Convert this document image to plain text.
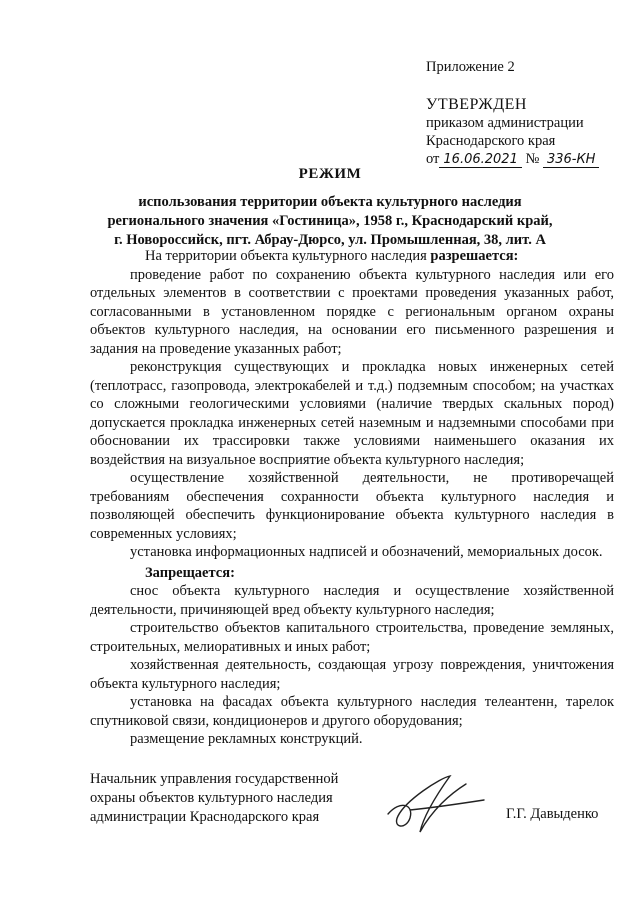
Приложение 2
УТВЕРЖДЕН
приказом администрации
Краснодарского края
от 16.06.2021 № 336-КН
РЕЖИМ
использования территории объекта культурного наследия
регионального значения «Гостиница», 1958 г., Краснодарский край,
г. Новороссийск, пгт. Абрау-Дюрсо, ул. Промышленная, 38, лит. А

На территории объекта культурного наследия разрешается:

проведение работ по сохранению объекта культурного наследия или его отдельных элементов в соответствии с проектами проведения указанных работ, согласованными в установленном порядке с региональным органом охраны объектов культурного наследия, на основании его письменного разрешения и задания на проведение указанных работ;

реконструкция существующих и прокладка новых инженерных сетей (теплотрасс, газопровода, электрокабелей и т.д.) подземным способом; на участках со сложными геологическими условиями (наличие твердых скальных пород) допускается прокладка инженерных сетей наземным и надземными способами при обосновании их трассировки также условиями наименьшего оказания их воздействия на визуальное восприятие объекта культурного наследия;

осуществление хозяйственной деятельности, не противоречащей требованиям обеспечения сохранности объекта культурного наследия и позволяющей обеспечить функционирование объекта культурного наследия в современных условиях;

установка информационных надписей и обозначений, мемориальных досок.

Запрещается:

снос объекта культурного наследия и осуществление хозяйственной деятельности, причиняющей вред объекту культурного наследия;

строительство объектов капитального строительства, проведение земляных, строительных, мелиоративных и иных работ;

хозяйственная деятельность, создающая угрозу повреждения, уничтожения объекта культурного наследия;

установка на фасадах объекта культурного наследия телеантенн, тарелок спутниковой связи, кондиционеров и другого оборудования;

размещение рекламных конструкций.

Начальник управления государственной
охраны объектов культурного наследия
администрации Краснодарского края	Г.Г. Давыденко
